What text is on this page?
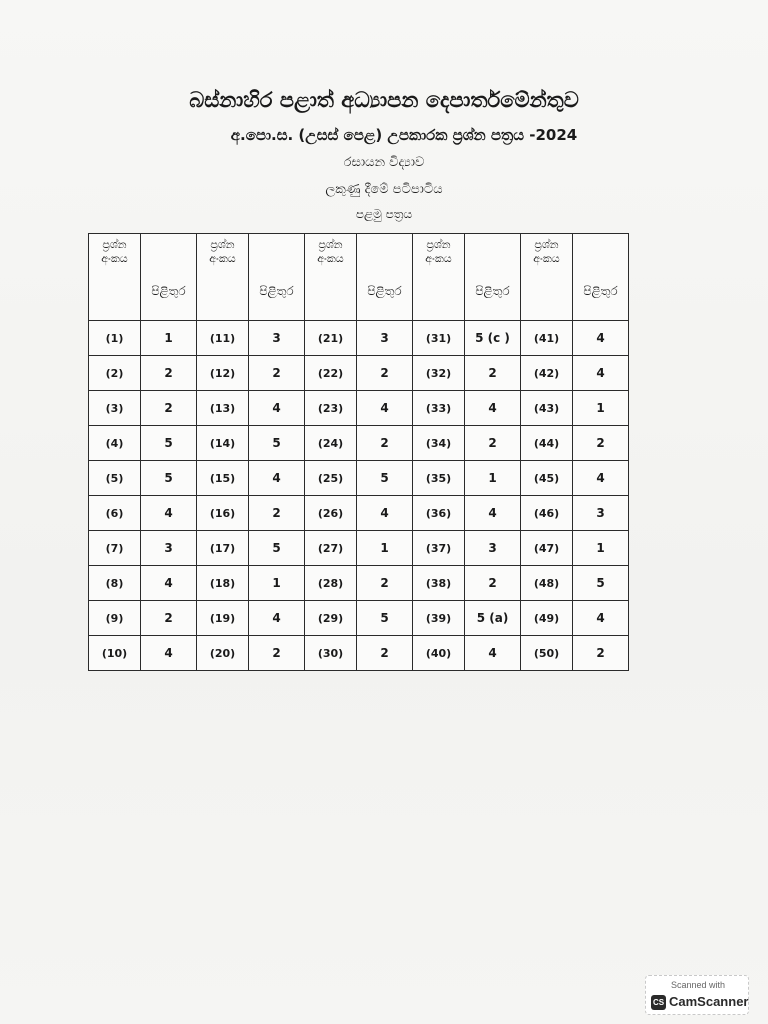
බස්නාහිර පළාත් අධ්‍යාපන දෙපාර්තමේන්තුව
අ.පො.ස. (උසස් පෙළ) උපකාරක ප්‍රශ්න පත්‍රය -2024
රසායන විද්‍යාව
ලකුණු දීමේ පටිපාටිය
පළමු පත්‍රය
ප්‍රශ්න අංකය	පිළිතුර	ප්‍රශ්න අංකය	පිළිතුර	ප්‍රශ්න අංකය	පිළිතුර	ප්‍රශ්න අංකය	පිළිතුර	ප්‍රශ්න අංකය	පිළිතුර
(1)	1	(11)	3	(21)	3	(31)	5 (c )	(41)	4
(2)	2	(12)	2	(22)	2	(32)	2	(42)	4
(3)	2	(13)	4	(23)	4	(33)	4	(43)	1
(4)	5	(14)	5	(24)	2	(34)	2	(44)	2
(5)	5	(15)	4	(25)	5	(35)	1	(45)	4
(6)	4	(16)	2	(26)	4	(36)	4	(46)	3
(7)	3	(17)	5	(27)	1	(37)	3	(47)	1
(8)	4	(18)	1	(28)	2	(38)	2	(48)	5
(9)	2	(19)	4	(29)	5	(39)	5 (a)	(49)	4
(10)	4	(20)	2	(30)	2	(40)	4	(50)	2
Scanned with
CS CamScanner
